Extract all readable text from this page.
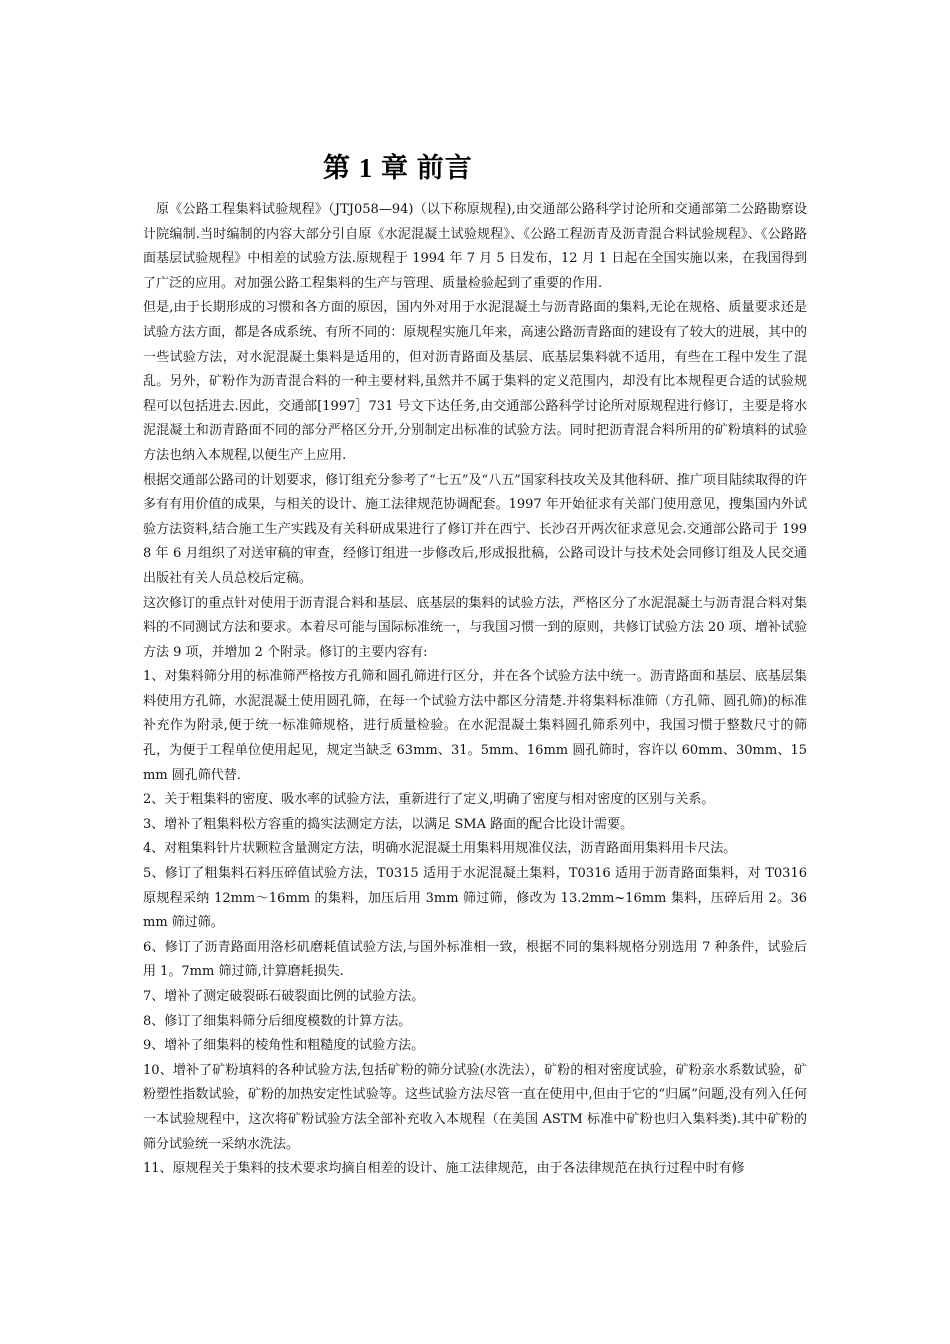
第 1 章 前言

原《公路工程集料试验规程》（JTJ058—94)（以下称原规程),由交通部公路科学讨论所和交通部第二公路勘察设计院编制.当时编制的内容大部分引自原《水泥混凝土试验规程》、《公路工程沥青及沥青混合料试验规程》、《公路路面基层试验规程》中相差的试验方法.原规程于 1994 年 7 月 5 日发布，12 月 1 日起在全国实施以来，在我国得到了广泛的应用。对加强公路工程集料的生产与管理、质量检验起到了重要的作用.

但是,由于长期形成的习惯和各方面的原因，国内外对用于水泥混凝土与沥青路面的集料,无论在规格、质量要求还是试验方法方面，都是各成系统、有所不同的：原规程实施几年来，高速公路沥青路面的建设有了较大的进展，其中的一些试验方法，对水泥混凝土集料是适用的，但对沥青路面及基层、底基层集料就不适用，有些在工程中发生了混乱。另外，矿粉作为沥青混合料的一种主要材料,虽然并不属于集料的定义范围内，却没有比本规程更合适的试验规程可以包括进去.因此，交通部[1997］731 号文下达任务,由交通部公路科学讨论所对原规程进行修订，主要是将水泥混凝土和沥青路面不同的部分严格区分开,分别制定出标准的试验方法。同时把沥青混合料所用的矿粉填料的试验方法也纳入本规程,以便生产上应用.

根据交通部公路司的计划要求，修订组充分参考了“七五”及“八五”国家科技攻关及其他科研、推广项目陆续取得的许多有有用价值的成果，与相关的设计、施工法律规范协调配套。1997 年开始征求有关部门使用意见，搜集国内外试验方法资料,结合施工生产实践及有关科研成果进行了修订并在西宁、长沙召开两次征求意见会.交通部公路司于 1998 年 6 月组织了对送审稿的审查，经修订组进一步修改后,形成报批稿，公路司设计与技术处会同修订组及人民交通出版社有关人员总校后定稿。

这次修订的重点针对使用于沥青混合料和基层、底基层的集料的试验方法，严格区分了水泥混凝土与沥青混合料对集料的不同测试方法和要求。本着尽可能与国际标准统一，与我国习惯一到的原则，共修订试验方法 20 项、增补试验方法 9 项，并增加 2 个附录。修订的主要内容有:

1、对集料筛分用的标准筛严格按方孔筛和圆孔筛进行区分，并在各个试验方法中统一。沥青路面和基层、底基层集料使用方孔筛，水泥混凝土使用圆孔筛，在每一个试验方法中都区分清楚.并将集料标准筛（方孔筛、圆孔筛)的标准补充作为附录,便于统一标准筛规格，进行质量检验。在水泥混凝土集料圆孔筛系列中，我国习惯于整数尺寸的筛孔，为便于工程单位使用起见，规定当缺乏 63mm、31。5mm、16mm 圆孔筛时，容许以 60mm、30mm、15mm 圆孔筛代替.

2、关于粗集料的密度、吸水率的试验方法，重新进行了定义,明确了密度与相对密度的区别与关系。

3、增补了粗集料松方容重的捣实法测定方法，以满足 SMA 路面的配合比设计需要。

4、对粗集料针片状颗粒含量测定方法，明确水泥混凝土用集料用规准仪法，沥青路面用集料用卡尺法。

5、修订了粗集料石料压碎值试验方法，T0315 适用于水泥混凝土集料，T0316 适用于沥青路面集料，对 T0316 原规程采纳 12mm～16mm 的集料，加压后用 3mm 筛过筛，修改为 13.2mm~16mm 集料，压碎后用 2。36mm 筛过筛。

6、修订了沥青路面用洛杉矶磨耗值试验方法,与国外标准相一致，根据不同的集料规格分别选用 7 种条件，试验后用 1。7mm 筛过筛,计算磨耗损失.

7、增补了测定破裂砾石破裂面比例的试验方法。

8、修订了细集料筛分后细度模数的计算方法。

9、增补了细集料的棱角性和粗糙度的试验方法。

10、增补了矿粉填料的各种试验方法,包括矿粉的筛分试验(水洗法），矿粉的相对密度试验，矿粉亲水系数试验，矿粉塑性指数试验，矿粉的加热安定性试验等。这些试验方法尽管一直在使用中,但由于它的“归属”问题,没有列入任何一本试验规程中，这次将矿粉试验方法全部补充收入本规程（在美国 ASTM 标准中矿粉也归入集料类).其中矿粉的筛分试验统一采纳水洗法。

11、原规程关于集料的技术要求均摘自相差的设计、施工法律规范，由于各法律规范在执行过程中时有修
